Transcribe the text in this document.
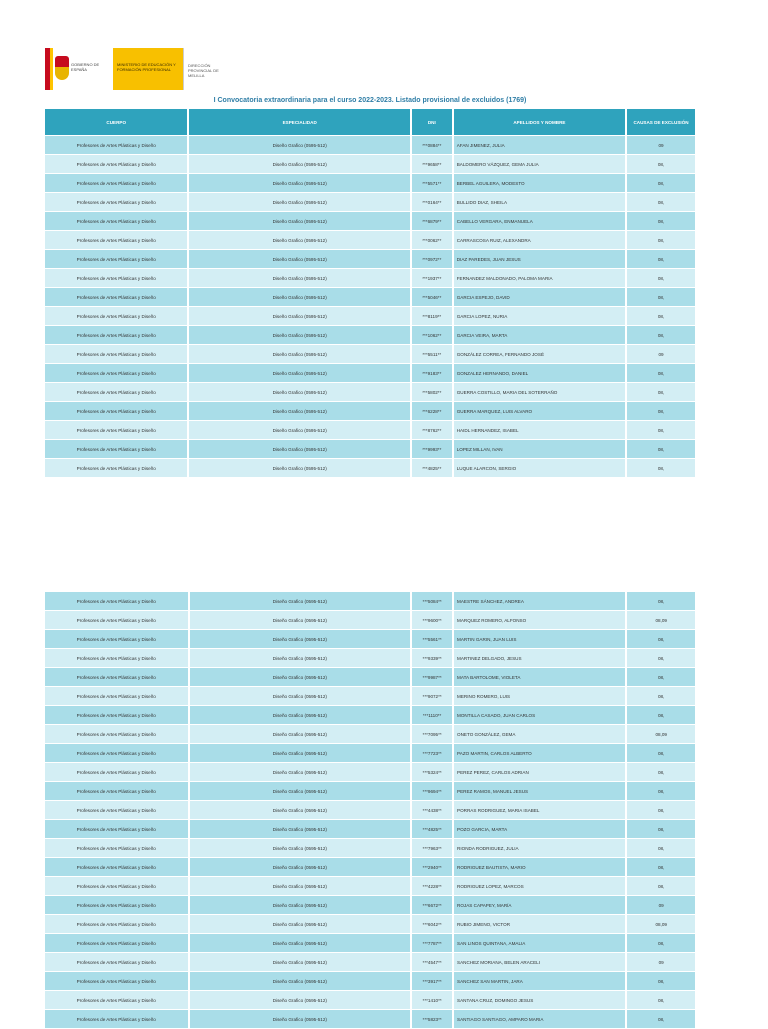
GOBIERNO DE ESPAÑA
MINISTERIO DE EDUCACIÓN Y FORMACIÓN PROFESIONAL
DIRECCIÓN PROVINCIAL DE MELILLA
I Convocatoria extraordinaria para el curso 2022-2023. Listado provisional de excluidos (1769)
CUERPO	ESPECIALIDAD	DNI	APELLIDOS Y NOMBRE	CAUSAS DE EXCLUSIÓN
Profesores de Artes Plásticas y Diseño	Diseño Grafico (0595-512)	***0884**	AFAN JIMENEZ, JULIA	09
Profesores de Artes Plásticas y Diseño	Diseño Grafico (0595-512)	***9658**	BALDOMERO VÁZQUEZ, GEMA JULIA	08,
Profesores de Artes Plásticas y Diseño	Diseño Grafico (0595-512)	***5571**	BERBEL AGUILERA, MODESTO	08,
Profesores de Artes Plásticas y Diseño	Diseño Grafico (0595-512)	***0164**	BULLIDO DIAZ, SHEILA	08,
Profesores de Artes Plásticas y Diseño	Diseño Grafico (0595-512)	***6879**	CABELLO VERGARA, ENMANUELA	08,
Profesores de Artes Plásticas y Diseño	Diseño Grafico (0595-512)	***0062**	CARRASCOSA RUIZ, ALEXANDRA	08,
Profesores de Artes Plásticas y Diseño	Diseño Grafico (0595-512)	***0972**	DIAZ PAREDES, JUAN JESUS	08,
Profesores de Artes Plásticas y Diseño	Diseño Grafico (0595-512)	***1937**	FERNANDEZ MALDONADO, PALOMA MARIA	08,
Profesores de Artes Plásticas y Diseño	Diseño Grafico (0595-512)	***5046**	GARCIA ESPEJO, DAVID	08,
Profesores de Artes Plásticas y Diseño	Diseño Grafico (0595-512)	***8119**	GARCIA LOPEZ, NURIA	08,
Profesores de Artes Plásticas y Diseño	Diseño Grafico (0595-512)	***1062**	GARCIA VEIRA, MARTA	08,
Profesores de Artes Plásticas y Diseño	Diseño Grafico (0595-512)	***5511**	GONZÁLEZ CORREA, FERNANDO JOSÉ	09
Profesores de Artes Plásticas y Diseño	Diseño Grafico (0595-512)	***9183**	GONZALEZ HERNANDO, DANIEL	08,
Profesores de Artes Plásticas y Diseño	Diseño Grafico (0595-512)	***5802**	GUERRA COSTILLO, MARIA DEL SOTERRAÑO	08,
Profesores de Artes Plásticas y Diseño	Diseño Grafico (0595-512)	***6228**	GUERRA MARQUEZ, LUIS ALVARO	08,
Profesores de Artes Plásticas y Diseño	Diseño Grafico (0595-512)	***8762**	HAIDL HERNANDEZ, ISABEL	08,
Profesores de Artes Plásticas y Diseño	Diseño Grafico (0595-512)	***9993**	LOPEZ MILLAN, IVAN	08,
Profesores de Artes Plásticas y Diseño	Diseño Grafico (0595-512)	***4825**	LUQUE ALARCON, SERGIO	08,
Profesores de Artes Plásticas y Diseño	Diseño Grafico (0595-512)	***5084**	MAESTRE SÁNCHEZ, ANDREA	08,
Profesores de Artes Plásticas y Diseño	Diseño Grafico (0595-512)	***9600**	MARQUEZ ROMERO, ALFONSO	08,09
Profesores de Artes Plásticas y Diseño	Diseño Grafico (0595-512)	***5561**	MARTIN GARIN, JUAN LUIS	08,
Profesores de Artes Plásticas y Diseño	Diseño Grafico (0595-512)	***9339**	MARTINEZ DELGADO, JESUS	08,
Profesores de Artes Plásticas y Diseño	Diseño Grafico (0595-512)	***9987**	MATA BARTOLOME, VIOLETA	08,
Profesores de Artes Plásticas y Diseño	Diseño Grafico (0595-512)	***9072**	MERINO ROMERO, LUIS	08,
Profesores de Artes Plásticas y Diseño	Diseño Grafico (0595-512)	***1110**	MONTILLA CASADO, JUAN CARLOS	08,
Profesores de Artes Plásticas y Diseño	Diseño Grafico (0595-512)	***7095**	ONETO GONZÁLEZ, GEMA	08,09
Profesores de Artes Plásticas y Diseño	Diseño Grafico (0595-512)	***7723**	PAZO MARTIN, CARLOS ALBERTO	08,
Profesores de Artes Plásticas y Diseño	Diseño Grafico (0595-512)	***5324**	PEREZ PEREZ, CARLOS ADRIAN	08,
Profesores de Artes Plásticas y Diseño	Diseño Grafico (0595-512)	***9694**	PEREZ RAMOS, MANUEL JESUS	08,
Profesores de Artes Plásticas y Diseño	Diseño Grafico (0595-512)	***4438**	PORRAS RODRIGUEZ, MARIA ISABEL	08,
Profesores de Artes Plásticas y Diseño	Diseño Grafico (0595-512)	***4825**	POZO GARCIA, MARTA	08,
Profesores de Artes Plásticas y Diseño	Diseño Grafico (0595-512)	***7963**	RIONDA RODRIGUEZ, JULIA	08,
Profesores de Artes Plásticas y Diseño	Diseño Grafico (0595-512)	***2940**	RODRIGUEZ BAUTISTA, MARIO	08,
Profesores de Artes Plásticas y Diseño	Diseño Grafico (0595-512)	***4228**	RODRIGUEZ LOPEZ, MARCOS	08,
Profesores de Artes Plásticas y Diseño	Diseño Grafico (0595-512)	***6672**	ROJAS CAPAPEY, MARÍA	09
Profesores de Artes Plásticas y Diseño	Diseño Grafico (0595-512)	***6042**	RUBIO JIMENO, VICTOR	08,09
Profesores de Artes Plásticas y Diseño	Diseño Grafico (0595-512)	***7787**	SAN LINOS QUINTANA, AMALIA	08,
Profesores de Artes Plásticas y Diseño	Diseño Grafico (0595-512)	***4547**	SANCHEZ MORIANA, BELEN ARACELI	09
Profesores de Artes Plásticas y Diseño	Diseño Grafico (0595-512)	***3917**	SANCHEZ SAN MARTIN, JARA	08,
Profesores de Artes Plásticas y Diseño	Diseño Grafico (0595-512)	***1410**	SANTANA CRUZ, DOMINGO JESUS	08,
Profesores de Artes Plásticas y Diseño	Diseño Grafico (0595-512)	***5823**	SANTIAGO SANTIAGO, AMPARO MARIA	08,
